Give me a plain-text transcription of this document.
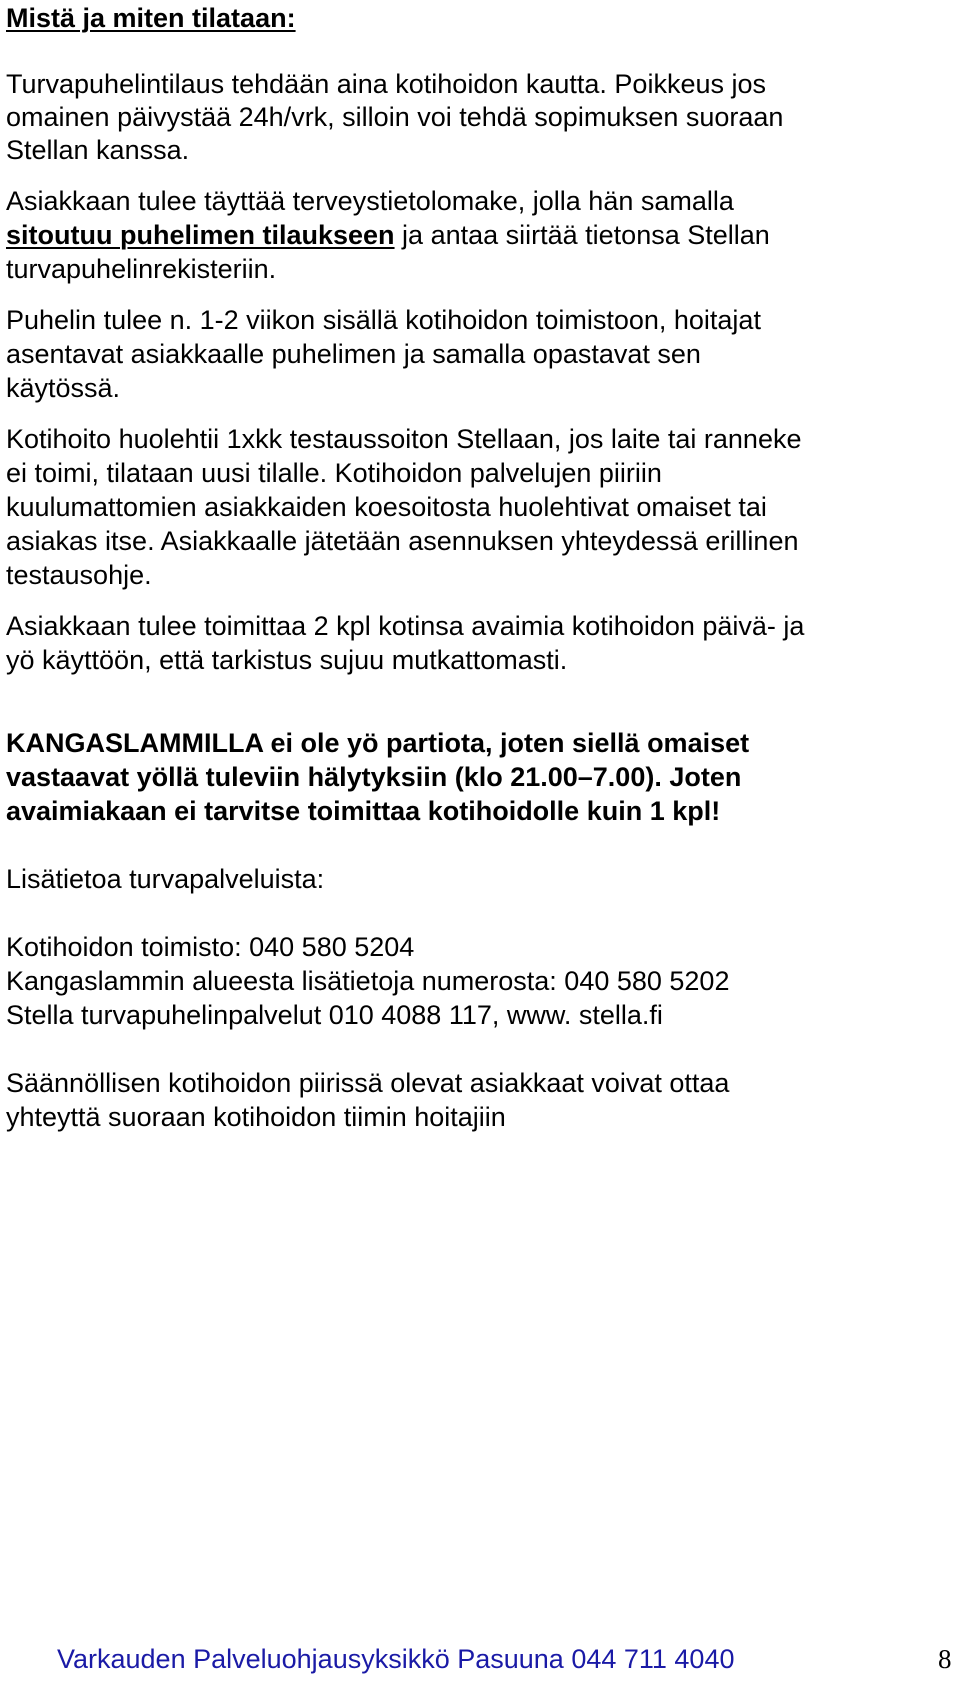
Mistä ja miten tilataan:
Turvapuhelintilaus tehdään aina kotihoidon kautta. Poikkeus jos
omainen päivystää 24h/vrk, silloin voi tehdä sopimuksen suoraan
Stellan kanssa.
Asiakkaan tulee täyttää terveystietolomake, jolla hän samalla
sitoutuu puhelimen tilaukseen ja antaa siirtää tietonsa Stellan
turvapuhelinrekisteriin.
Puhelin tulee n. 1-2 viikon sisällä kotihoidon toimistoon, hoitajat
asentavat asiakkaalle puhelimen ja samalla opastavat sen
käytössä.
Kotihoito huolehtii 1xkk testaussoiton Stellaan, jos laite tai ranneke
ei toimi, tilataan uusi tilalle. Kotihoidon palvelujen piiriin
kuulumattomien asiakkaiden koesoitosta huolehtivat omaiset tai
asiakas itse. Asiakkaalle jätetään asennuksen yhteydessä erillinen
testausohje.
Asiakkaan tulee toimittaa 2 kpl kotinsa avaimia kotihoidon päivä- ja
yö käyttöön, että tarkistus sujuu mutkattomasti.
KANGASLAMMILLA ei ole yö partiota, joten siellä omaiset
vastaavat yöllä tuleviin hälytyksiin (klo 21.00–7.00). Joten
avaimiakaan ei tarvitse toimittaa kotihoidolle kuin 1 kpl!
Lisätietoa turvapalveluista:
Kotihoidon toimisto: 040 580 5204
Kangaslammin alueesta lisätietoja numerosta: 040 580 5202
Stella turvapuhelinpalvelut 010 4088 117, www. stella.fi
Säännöllisen kotihoidon piirissä olevat asiakkaat voivat ottaa
yhteyttä suoraan kotihoidon tiimin hoitajiin
Varkauden Palveluohjausyksikkö Pasuuna 044 711 4040	8
